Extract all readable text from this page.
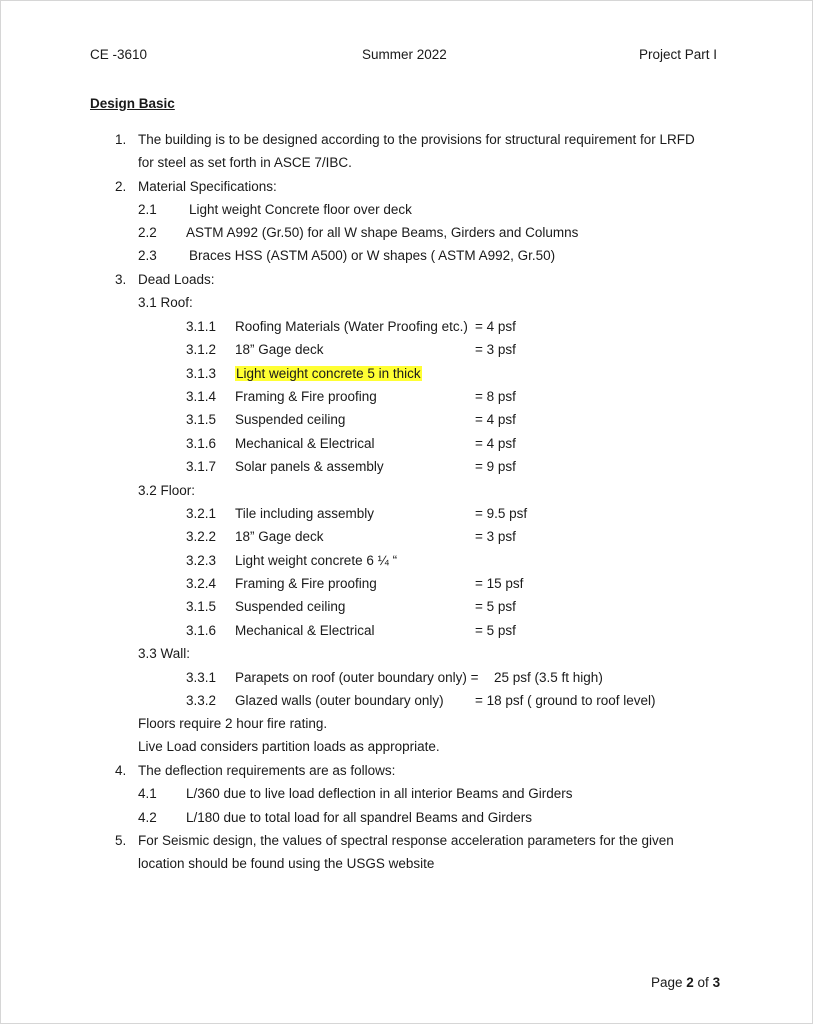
CE -3610	Summer 2022	Project Part I
Design Basic
1. The building is to be designed according to the provisions for structural requirement for LRFD
for steel as set forth in ASCE 7/IBC.
2. Material Specifications:
2.1 Light weight Concrete floor over deck
2.2 ASTM A992 (Gr.50) for all W shape Beams, Girders and Columns
2.3 Braces HSS (ASTM A500) or W shapes ( ASTM A992, Gr.50)
3. Dead Loads:
3.1 Roof:
3.1.1 Roofing Materials (Water Proofing etc.) = 4 psf
3.1.2 18” Gage deck	= 3 psf
3.1.3 Light weight concrete 5 in thick
3.1.4 Framing & Fire proofing	= 8 psf
3.1.5 Suspended ceiling	= 4 psf
3.1.6 Mechanical & Electrical	= 4 psf
3.1.7 Solar panels & assembly	= 9 psf
3.2 Floor:
3.2.1 Tile including assembly	= 9.5 psf
3.2.2 18” Gage deck	= 3 psf
3.2.3 Light weight concrete 6 ¼ “
3.2.4 Framing & Fire proofing	= 15 psf
3.1.5 Suspended ceiling	= 5 psf
3.1.6 Mechanical & Electrical	= 5 psf
3.3 Wall:
3.3.1 Parapets on roof (outer boundary only) = 25 psf (3.5 ft high)
3.3.2 Glazed walls (outer boundary only) = 18 psf ( ground to roof level)
Floors require 2 hour fire rating.
Live Load considers partition loads as appropriate.
4. The deflection requirements are as follows:
4.1 L/360 due to live load deflection in all interior Beams and Girders
4.2 L/180 due to total load for all spandrel Beams and Girders
5. For Seismic design, the values of spectral response acceleration parameters for the given
location should be found using the USGS website
Page 2 of 3
